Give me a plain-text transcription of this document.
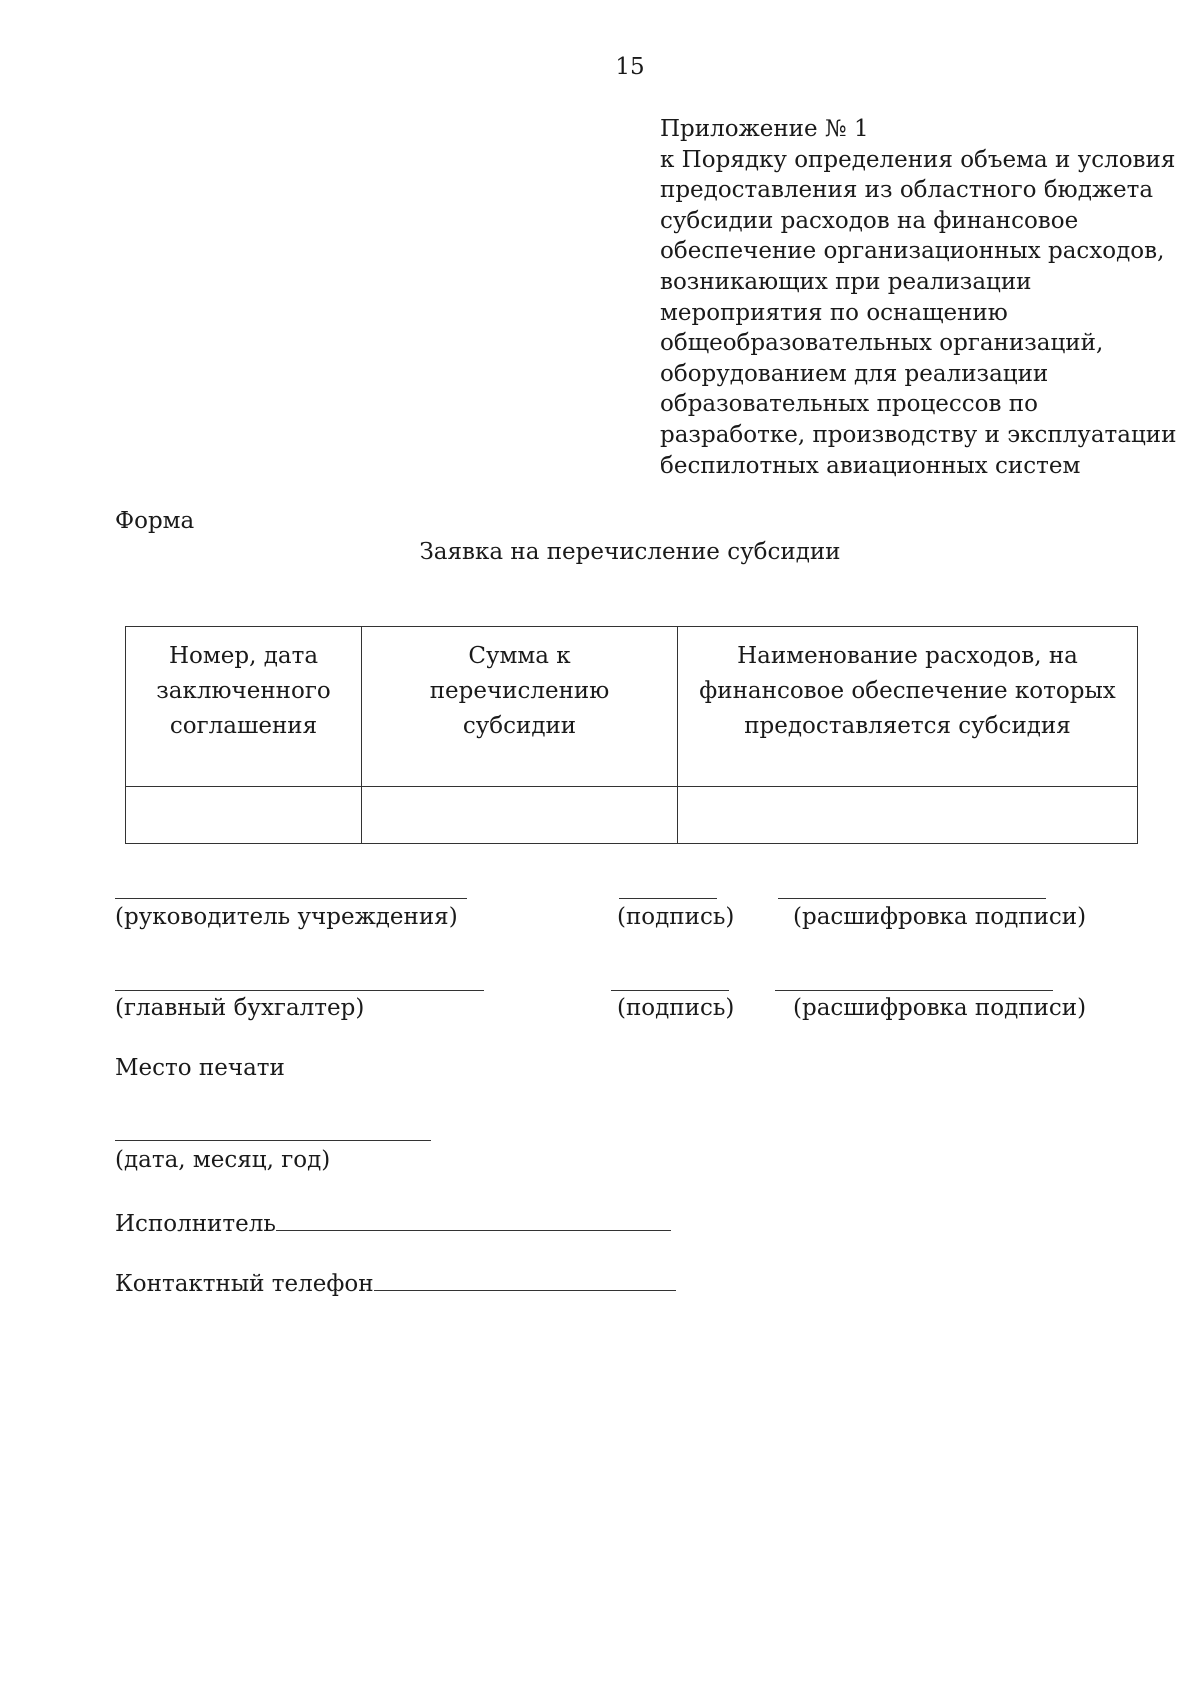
15
Приложение № 1
к Порядку определения объема и условия предоставления из областного бюджета субсидии расходов на финансовое обеспечение организационных расходов, возникающих при реализации мероприятия по оснащению общеобразовательных организаций, оборудованием для реализации образовательных процессов по разработке, производству и эксплуатации беспилотных авиационных систем
Форма
Заявка на перечисление субсидии
Номер, дата заключенного соглашения	Сумма к перечислению субсидии	Наименование расходов, на финансовое обеспечение которых предоставляется субсидия

(руководитель учреждения)	(подпись)	(расшифровка подписи)
(главный бухгалтер)	(подпись)	(расшифровка подписи)
Место печати
(дата, месяц, год)
Исполнитель
Контактный телефон
